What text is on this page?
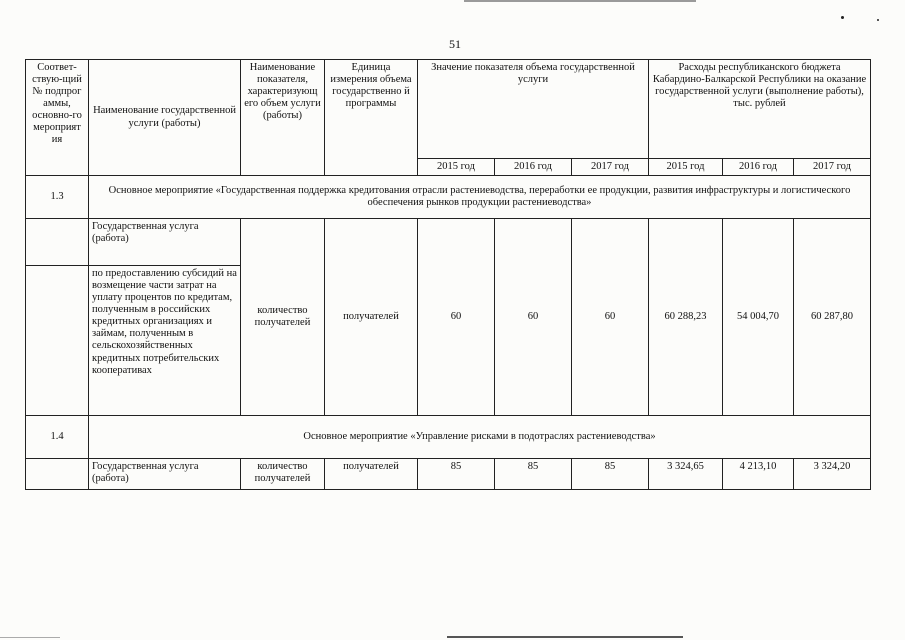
51
Соответ-ствую-щий № подпрог аммы, основно-го мероприят ия	Наименование государственной услуги (работы)	Наименование показателя, характеризующ его объем услуги (работы)	Единица измерения объема государственно й программы	Значение показателя объема государственной услуги			Расходы республиканского бюджета Кабардино-Балкарской Республики на оказание государственной услуги (выполнение работы), тыс. рублей		
				2015 год	2016 год	2017 год	2015 год	2016 год	2017 год
1.3	Основное мероприятие «Государственная поддержка кредитования отрасли растениеводства, переработки ее продукции, развития инфраструктуры и логистического обеспечения рынков продукции растениеводства»								
	Государственная услуга (работа)	количество получателей	получателей	60	60	60	60 288,23	54 004,70	60 287,80
	по предоставлению субсидий на возмещение части затрат на уплату процентов по кредитам, полученным в российских кредитных организациях и займам, полученным в сельскохозяйственных кредитных потребительских кооперативах								
1.4	Основное мероприятие «Управление рисками в подотраслях растениеводства»								
	Государственная услуга (работа)	количество получателей	получателей	85	85	85	3 324,65	4 213,10	3 324,20
